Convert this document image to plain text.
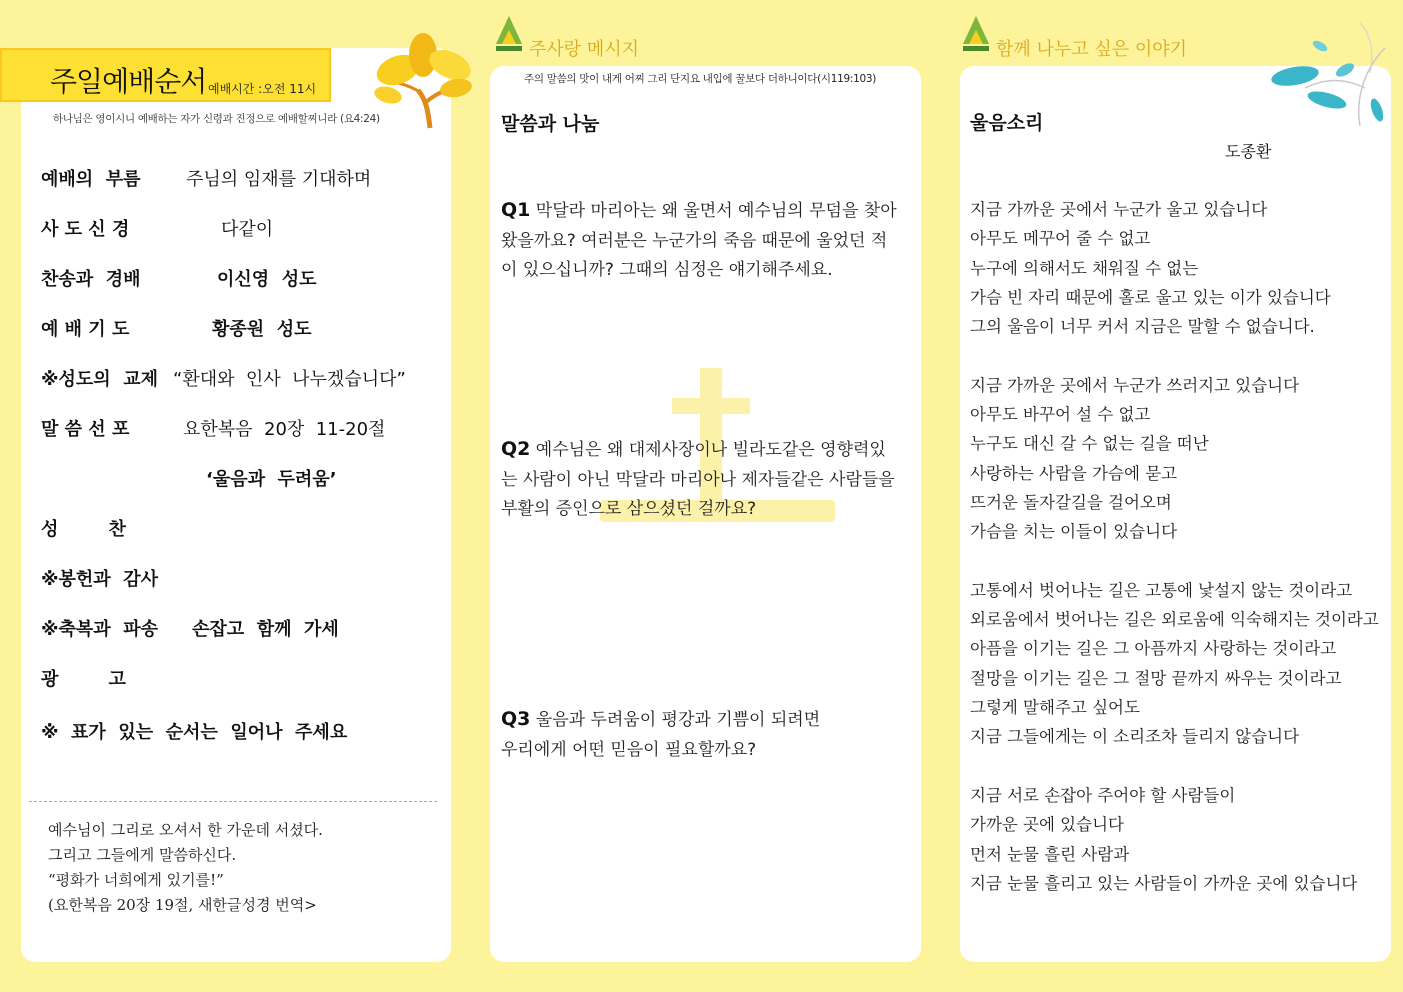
주일예배순서 예배시간 :오전 11시
하나님은 영이시니 예배하는 자가 신령과 진정으로 예배할찌니라 (요4:24)
예배의  부름	주님의 임재를 기대하며
사 도 신 경	다같이
찬송과  경배	이신영  성도
예 배 기 도	황종원  성도
※성도의  교제 “환대와  인사  나누겠습니다”
말 씀 선 포	요한복음  20장  11-20절
‘울음과  두려움’
성        찬
※봉헌과  감사
※축복과  파송 손잡고  함께  가세
광        고
※  표가  있는  순서는  일어나  주세요
예수님이 그리로 오셔서 한 가운데 서셨다.
그리고 그들에게 말씀하신다.
“평화가 너희에게 있기를!”
(요한복음 20장 19절, 새한글성경 번역>
주사랑 메시지
주의 말씀의 맛이 내게 어찌 그리 단지요 내입에 꿀보다 더하니이다(시119:103)
말씀과 나눔
Q1 막달라 마리아는 왜 울면서 예수님의 무덤을 찾아 왔을까요? 여러분은 누군가의 죽음 때문에 울었던 적이 있으십니까? 그때의 심정은 얘기해주세요.
Q2 예수님은 왜 대제사장이나 빌라도같은 영향력있는 사람이 아닌 막달라 마리아나 제자들같은 사람들을 부활의 증인으로 삼으셨던 걸까요?
Q3 울음과 두려움이 평강과 기쁨이 되려면 우리에게 어떤 믿음이 필요할까요?
함께 나누고 싶은 이야기
울음소리
도종환
지금 가까운 곳에서 누군가 울고 있습니다
아무도 메꾸어 줄 수 없고
누구에 의해서도 채워질 수 없는
가슴 빈 자리 때문에 홀로 울고 있는 이가 있습니다
그의 울음이 너무 커서 지금은 말할 수 없습니다.
지금 가까운 곳에서 누군가 쓰러지고 있습니다
아무도 바꾸어 설 수 없고
누구도 대신 갈 수 없는 길을 떠난
사랑하는 사람을 가슴에 묻고
뜨거운 돌자갈길을 걸어오며
가슴을 치는 이들이 있습니다
고통에서 벗어나는 길은 고통에 낯설지 않는 것이라고
외로움에서 벗어나는 길은 외로움에 익숙해지는 것이라고
아픔을 이기는 길은 그 아픔까지 사랑하는 것이라고
절망을 이기는 길은 그 절망 끝까지 싸우는 것이라고
그렇게 말해주고 싶어도
지금 그들에게는 이 소리조차 들리지 않습니다
지금 서로 손잡아 주어야 할 사람들이
가까운 곳에 있습니다
먼저 눈물 흘린 사람과
지금 눈물 흘리고 있는 사람들이 가까운 곳에 있습니다
